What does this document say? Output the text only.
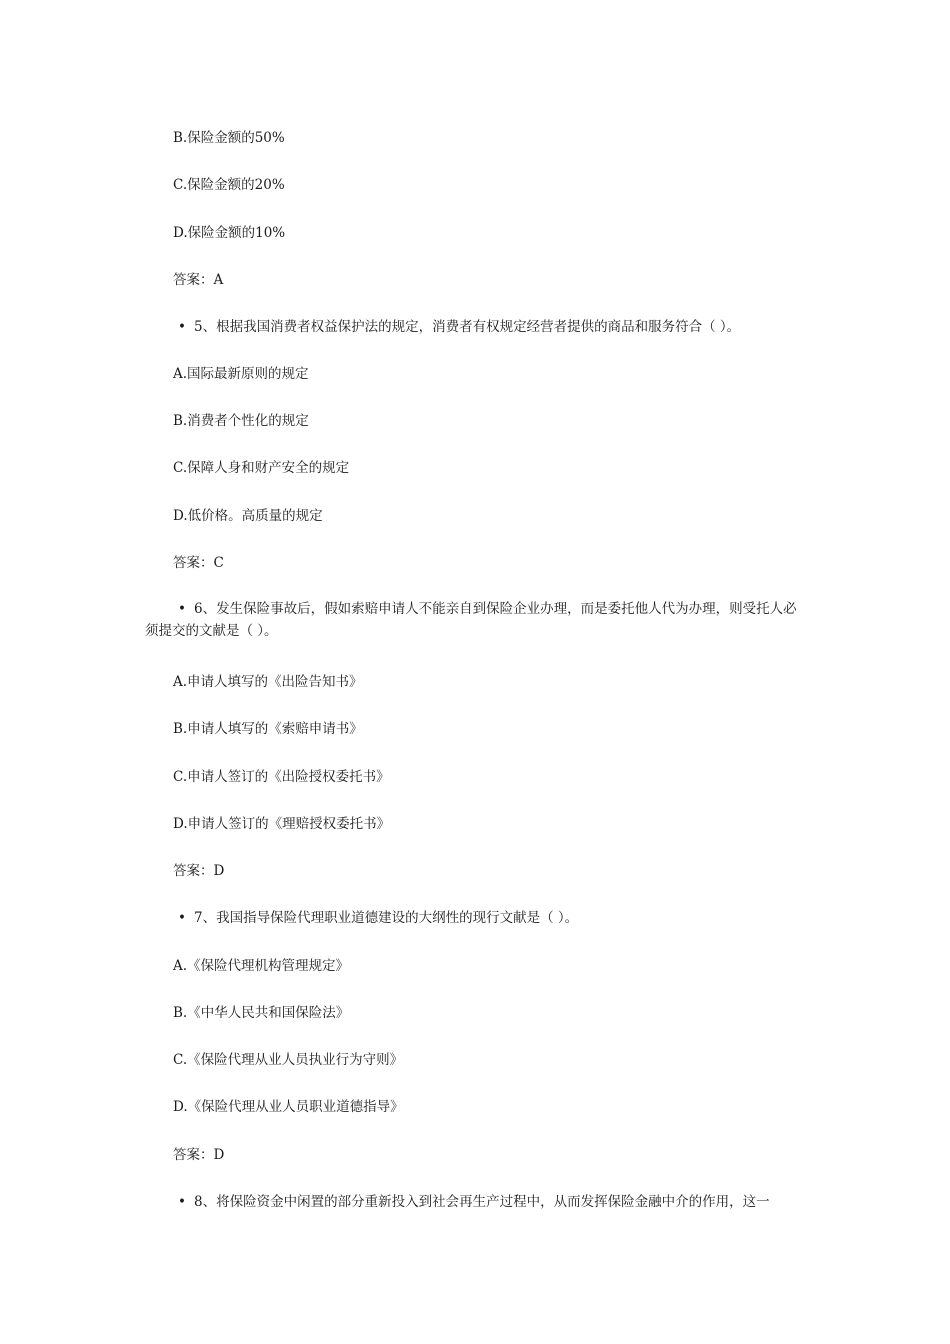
B.保险金额的50%
C.保险金额的20%
D.保险金额的10%
答案：A
• 5、根据我国消费者权益保护法的规定，消费者有权规定经营者提供的商品和服务符合（ ）。
A.国际最新原则的规定
B.消费者个性化的规定
C.保障人身和财产安全的规定
D.低价格。高质量的规定
答案：C
• 6、发生保险事故后，假如索赔申请人不能亲自到保险企业办理，而是委托他人代为办理，则受托人必须提交的文献是（ ）。
A.申请人填写的《出险告知书》
B.申请人填写的《索赔申请书》
C.申请人签订的《出险授权委托书》
D.申请人签订的《理赔授权委托书》
答案：D
• 7、我国指导保险代理职业道德建设的大纲性的现行文献是（ ）。
A.《保险代理机构管理规定》
B.《中华人民共和国保险法》
C.《保险代理从业人员执业行为守则》
D.《保险代理从业人员职业道德指导》
答案：D
• 8、将保险资金中闲置的部分重新投入到社会再生产过程中，从而发挥保险金融中介的作用，这一
